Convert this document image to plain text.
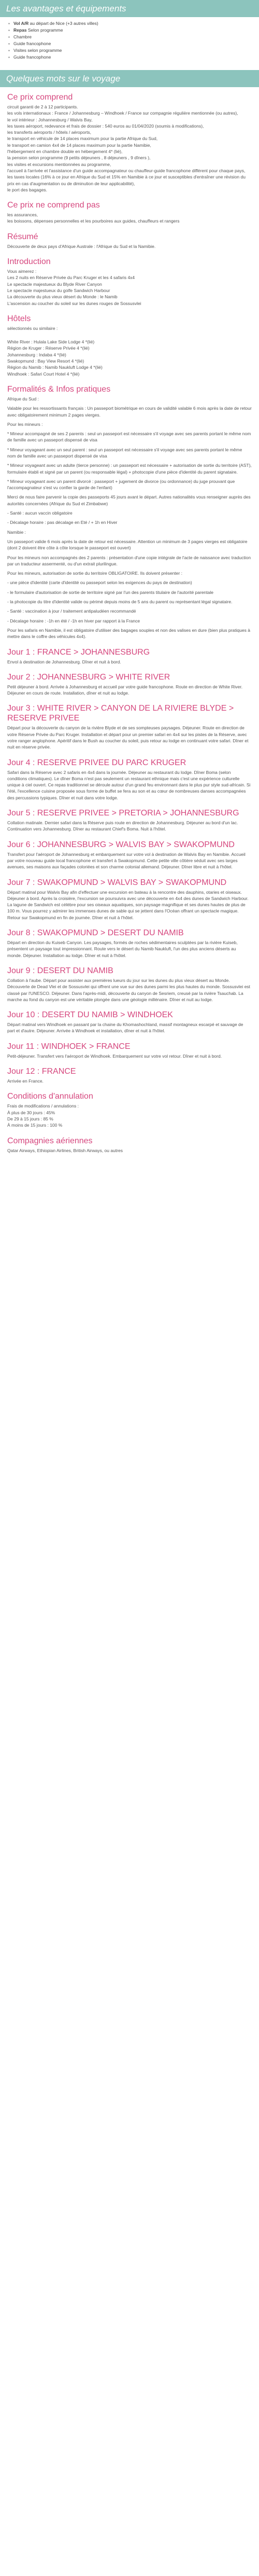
Les avantages et équipements
▪ Vol A/R au départ de Nice (+3 autres villes)
▪ Repas Selon programme
▪ Chambre
▪ Guide francophone
▪ Visites selon programme
▪ Guide francophone
Quelques mots sur le voyage
Ce prix comprend
circuit garanti de 2 à 12 participants.
les vols internationaux : France / Johannesburg – Windhoek / France sur compagnie régulière mentionnée (ou autres),
le vol intérieur : Johannesburg / Walvis Bay,
les taxes aéroport, redevance et frais de dossier : 540 euros au 01/04/2020 (soumis à modifications),
les transferts aéroports / hôtels / aéroports,
le transport en véhicule de 14 places maximum pour la partie Afrique du Sud,
le transport en camion 4x4 de 14 places maximum pour la partie Namibie,
l'hébergement en chambre double en hébergement 4* (lié),
la pension selon programme (9 petits déjeuners , 8 déjeuners , 9 dîners ),
les visites et excursions mentionnées au programme,
l'accueil à l'arrivée et l'assistance d'un guide accompagnateur ou chauffeur-guide francophone différent pour chaque pays,
les taxes locales (16% à ce jour en Afrique du Sud et 15% en Namibie à ce jour et susceptibles d'entraîner une révision du prix en cas d'augmentation ou de diminution de leur applicabilité),
le port des bagages.
Ce prix ne comprend pas
les assurances,
les boissons, dépenses personnelles et les pourboires aux guides, chauffeurs et rangers
Résumé

Découverte de deux pays d'Afrique Australe : l'Afrique du Sud et la Namibie.

Introduction
Vous aimerez :
Les 2 nuits en Réserve Privée du Parc Kruger et les 4 safaris 4x4
Le spectacle majestueux du Blyde River Canyon
Le spectacle majestueux du golfe Sandwich Harbour
La découverte du plus vieux désert du Monde : le Namib
L'ascension au coucher du soleil sur les dunes rouges de Sossusvlei
Hôtels

sélectionnés ou similaire :

White River : Hulala Lake Side Lodge 4 *(lié)
Région de Kruger : Réserve Privée 4 *(lié)
Johannesburg : Indaba 4 *(lié)
Swakopmund : Bay View Resort 4 *(lié)
Région du Namib : Namib Naukluft Lodge 4 *(lié)
Windhoek : Safari Court Hotel 4 *(lié)
Formalités & Infos pratiques

Afrique du Sud :

Valable pour les ressortissants français : Un passeport biométrique en cours de validité valable 6 mois après la date de retour avec obligatoirement minimum 2 pages vierges.

Pour les mineurs :

* Mineur accompagné de ses 2 parents : seul un passeport est nécessaire s'il voyage avec ses parents portant le même nom de famille avec un passeport dispensé de visa

* Mineur voyageant avec un seul parent : seul un passeport est nécessaire s'il voyage avec ses parents portant le même nom de famille avec un passeport dispensé de visa

* Mineur voyageant avec un adulte (tierce personne) : un passeport est nécessaire + autorisation de sortie du territoire (AST), formulaire établi et signé par un parent (ou responsable légal) + photocopie d'une pièce d'identité du parent signataire.

* Mineur voyageant avec un parent divorcé : passeport + jugement de divorce (ou ordonnance) du juge prouvant que l'accompagnateur s'est vu confier la garde de l'enfant)

Merci de nous faire parvenir la copie des passeports 45 jours avant le départ. Autres nationalités vous renseigner auprès des autorités concernées (Afrique du Sud et Zimbabwe)

- Santé : aucun vaccin obligatoire

- Décalage horaire : pas décalage en Eté / + 1h en Hiver

Namibie :

Un passeport valide 6 mois après la date de retour est nécessaire. Attention un minimum de 3 pages vierges est obligatoire (dont 2 doivent être côte à côte lorsque le passeport est ouvert)

Pour les mineurs non accompagnés des 2 parents : présentation d'une copie intégrale de l'acte de naissance avec traduction par un traducteur assermenté, ou d'un extrait plurilingue.

Pour les mineurs, autorisation de sortie du territoire OBLIGATOIRE. Ils doivent présenter :

- une pièce d'identité (carte d'identité ou passeport selon les exigences du pays de destination)

- le formulaire d'autorisation de sortie de territoire signé par l'un des parents titulaire de l'autorité parentale

- la photocopie du titre d'identité valide ou périmé depuis moins de 5 ans du parent ou représentant légal signataire.

- Santé : vaccination à jour / traitement antipaludéen recommandé

- Décalage horaire : -1h en été / -1h en hiver par rapport à la France

Pour les safaris en Namibie, il est obligatoire d'utiliser des bagages souples et non des valises en dure (bien plus pratiques à mettre dans le coffre des véhicules 4x4).

Jour 1 : FRANCE > JOHANNESBURG

Envol à destination de Johannesburg. Dîner et nuit à bord.

Jour 2 : JOHANNESBURG > WHITE RIVER

Petit déjeuner à bord. Arrivée à Johannesburg et accueil par votre guide francophone. Route en direction de White River. Déjeuner en cours de route. Installation, dîner et nuit au lodge.

Jour 3 : WHITE RIVER > CANYON DE LA RIVIERE BLYDE > RESERVE PRIVEE

Départ pour la découverte du canyon de la rivière Blyde et de ses sompteuses paysages. Déjeuner. Route en direction de votre Réserve Privée du Parc Kruger. Installation et départ pour un premier safari en 4x4 sur les pistes de la Réserve, avec votre ranger anglophone. Apéritif dans le Bush au coucher du soleil, puis retour au lodge en continuant votre safari. Dîner et nuit en réserve privée.

Jour 4 : RESERVE PRIVEE DU PARC KRUGER

Safari dans la Réserve avec 2 safaris en 4x4 dans la journée. Déjeuner au restaurant du lodge. Dîner Boma (selon conditions climatiques). Le dîner Boma n'est pas seulement un restaurant ethnique mais c'est une expérience culturelle unique à ciel ouvert. Ce repas traditionnel se déroule autour d'un grand feu environnant dans le plus pur style sud-africain. Si l'été, l'excellence cuisine proposée sous forme de buffet se fera au son et au cœur de nombreuses danses accompagnées des percussions typiques. Dîner et nuit dans votre lodge.

Jour 5 : RESERVE PRIVEE > PRETORIA > JOHANNESBURG

Collation matinale. Dernier safari dans la Réserve puis route en direction de Johannesburg. Déjeuner au bord d'un lac. Continuation vers Johannesburg. Dîner au restaurant Chief's Boma. Nuit à l'hôtel.

Jour 6 : JOHANNESBURG > WALVIS BAY > SWAKOPMUND

Transfert pour l'aéroport de Johannesburg et embarquement sur votre vol à destination de Walvis Bay en Namibie. Accueil par votre nouveau guide local francophone et transfert à Swakopmund. Cette petite ville côtière séduit avec ses larges avenues, ses maisons aux façades coloriées et son charme colonial allemand. Déjeuner. Dîner libre et nuit à l'hôtel.

Jour 7 : SWAKOPMUND > WALVIS BAY > SWAKOPMUND

Départ matinal pour Walvis Bay afin d'effectuer une excursion en bateau à la rencontre des dauphins, otaries et oiseaux. Déjeuner à bord. Après la croisière, l'excursion se poursuivra avec une découverte en 4x4 des dunes de Sandwich Harbour. La lagune de Sandwich est célèbre pour ses oiseaux aquatiques, son paysage magnifique et ses dunes hautes de plus de 100 m. Vous pourrez y admirer les immenses dunes de sable qui se jettent dans l'Océan offrant un spectacle magique. Retour sur Swakopmund en fin de journée. Dîner et nuit à l'hôtel.

Jour 8 : SWAKOPMUND > DESERT DU NAMIB

Départ en direction du Kuiseb Canyon. Les paysages, formés de roches sédimentaires sculptées par la rivière Kuiseb, présentent un paysage tout impressionnant. Route vers le désert du Namib Naukluft, l'un des plus anciens déserts au monde. Déjeuner. Installation au lodge. Dîner et nuit à l'hôtel.

Jour 9 : DESERT DU NAMIB

Collation à l'aube. Départ pour assister aux premières lueurs du jour sur les dunes du plus vieux désert au Monde. Découverte de Dead Vlei et de Sossusvlei qui offrent une vue sur des dunes parmi les plus hautes du monde. Sossusvlei est classé par l'UNESCO. Déjeuner. Dans l'après-midi, découverte du canyon de Sesriem, creusé par la rivière Tsauchab. La marche au fond du canyon est une véritable plongée dans une géologie millénaire. Dîner et nuit au lodge.

Jour 10 : DESERT DU NAMIB > WINDHOEK

Départ matinal vers Windhoek en passant par la chaine du Khomashochland, massif montagneux escarpé et sauvage de part et d'autre. Déjeuner. Arrivée à Windhoek et installation, dîner et nuit à l'hôtel.

Jour 11 : WINDHOEK > FRANCE

Petit-déjeuner. Transfert vers l'aéroport de Windhoek. Embarquement sur votre vol retour. Dîner et nuit à bord.

Jour 12 : FRANCE

Arrivée en France.

Conditions d'annulation
Frais de modifications / annulations :
À plus de 30 jours : 45%
De 29 à 15 jours : 85 %
À moins de 15 jours : 100 %
Compagnies aériennes

Qatar Airways, Ethiopian Airlines, British Airways, ou autres
